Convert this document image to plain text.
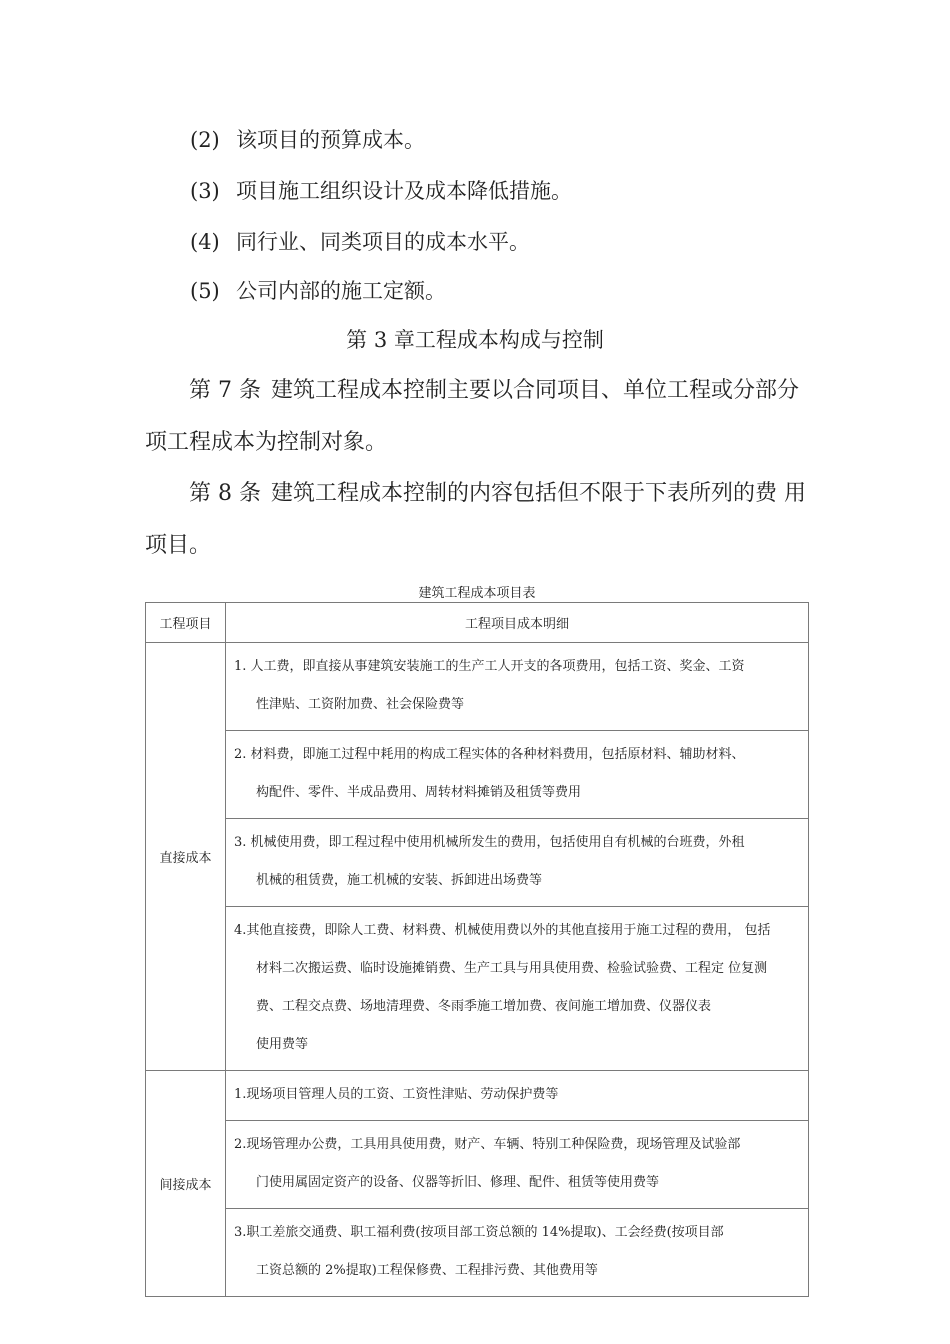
(2) 该项目的预算成本。
(3) 项目施工组织设计及成本降低措施。
(4) 同行业、同类项目的成本水平。
(5) 公司内部的施工定额。
第 3 章工程成本构成与控制
第 7 条 建筑工程成本控制主要以合同项目、单位工程或分部分项工程成本为控制对象。
第 8 条 建筑工程成本控制的内容包括但不限于下表所列的费 用项目。
建筑工程成本项目表
工程项目	工程项目成本明细
直接成本	1. 人工费，即直接从事建筑安装施工的生产工人开支的各项费用，包括工资、奖金、工资
性津贴、工资附加费、社会保险费等

	2. 材料费，即施工过程中耗用的构成工程实体的各种材料费用，包括原材料、辅助材料、
构配件、零件、半成品费用、周转材料摊销及租赁等费用

	3. 机械使用费，即工程过程中使用机械所发生的费用，包括使用自有机械的台班费，外租
机械的租赁费，施工机械的安装、拆卸进出场费等

	4.其他直接费，即除人工费、材料费、机械使用费以外的其他直接用于施工过程的费用， 包括
材料二次搬运费、临时设施摊销费、生产工具与用具使用费、检验试验费、工程定 位复测
费、工程交点费、场地清理费、冬雨季施工增加费、夜间施工增加费、仪器仪表
使用费等

间接成本	1.现场项目管理人员的工资、工资性津贴、劳动保护费等

	2.现场管理办公费，工具用具使用费，财产、车辆、特别工种保险费，现场管理及试验部
门使用属固定资产的设备、仪器等折旧、修理、配件、租赁等使用费等

	3.职工差旅交通费、职工福利费(按项目部工资总额的 14%提取)、工会经费(按项目部
工资总额的 2%提取)工程保修费、工程排污费、其他费用等
